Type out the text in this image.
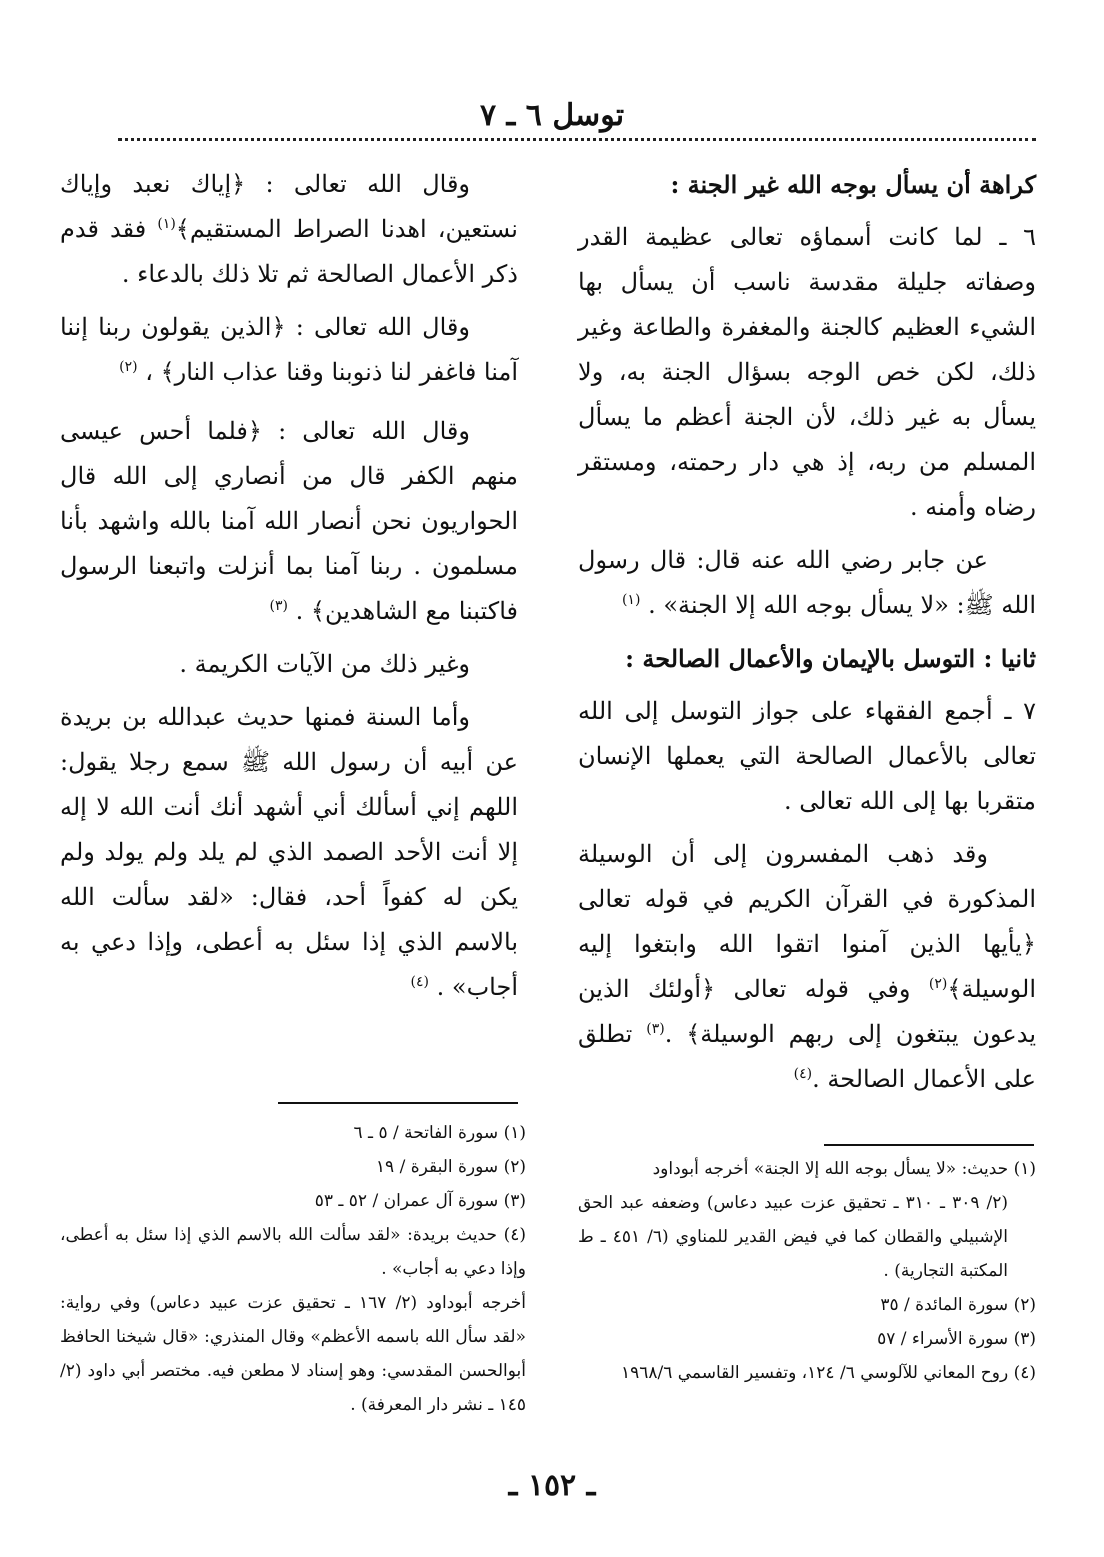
توسل ٦ ـ ٧

كراهة أن يسأل بوجه الله غير الجنة :

٦ ـ لما كانت أسماؤه تعالى عظيمة القدر وصفاته جليلة مقدسة ناسب أن يسأل بها الشيء العظيم كالجنة والمغفرة والطاعة وغير ذلك، لكن خص الوجه بسؤال الجنة به، ولا يسأل به غير ذلك، لأن الجنة أعظم ما يسأل المسلم من ربه، إذ هي دار رحمته، ومستقر رضاه وأمنه .

عن جابر رضي الله عنه قال: قال رسول الله ﷺ: «لا يسأل بوجه الله إلا الجنة» . $^{(١)}$

ثانيا : التوسل بالإيمان والأعمال الصالحة :

٧ ـ أجمع الفقهاء على جواز التوسل إلى الله تعالى بالأعمال الصالحة التي يعملها الإنسان متقربا بها إلى الله تعالى .

وقد ذهب المفسرون إلى أن الوسيلة المذكورة في القرآن الكريم في قوله تعالى ﴿يأيها الذين آمنوا اتقوا الله وابتغوا إليه الوسيلة﴾$^{(٢)}$ وفي قوله تعالى ﴿أولئك الذين يدعون يبتغون إلى ربهم الوسيلة﴾ .$^{(٣)}$ تطلق على الأعمال الصالحة .$^{(٤)}$

وقال الله تعالى : ﴿إياك نعبد وإياك نستعين، اهدنا الصراط المستقيم﴾$^{(١)}$ فقد قدم ذكر الأعمال الصالحة ثم تلا ذلك بالدعاء .

وقال الله تعالى : ﴿الذين يقولون ربنا إننا آمنا فاغفر لنا ذنوبنا وقنا عذاب النار﴾ ، $^{(٢)}$

وقال الله تعالى : ﴿فلما أحس عيسى منهم الكفر قال من أنصاري إلى الله قال الحواريون نحن أنصار الله آمنا بالله واشهد بأنا مسلمون . ربنا آمنا بما أنزلت واتبعنا الرسول فاكتبنا مع الشاهدين﴾ . $^{(٣)}$

وغير ذلك من الآيات الكريمة .

وأما السنة فمنها حديث عبدالله بن بريدة عن أبيه أن رسول الله ﷺ سمع رجلا يقول: اللهم إني أسألك أني أشهد أنك أنت الله لا إله إلا أنت الأحد الصمد الذي لم يلد ولم يولد ولم يكن له كفواً أحد، فقال: «لقد سألت الله بالاسم الذي إذا سئل به أعطى، وإذا دعي به أجاب» . $^{(٤)}$

(١) حديث: «لا يسأل بوجه الله إلا الجنة» أخرجه أبوداود

(٢/ ٣٠٩ ـ ٣١٠ ـ تحقيق عزت عبيد دعاس) وضعفه عبد الحق الإشبيلي والقطان كما في فيض القدير للمناوي (٦/ ٤٥١ ـ ط المكتبة التجارية) .

(٢) سورة المائدة / ٣٥

(٣) سورة الأسراء / ٥٧

(٤) روح المعاني للآلوسي ٦/ ١٢٤، وتفسير القاسمي ١٩٦٨/٦

(١) سورة الفاتحة / ٥ ـ ٦

(٢) سورة البقرة / ١٩

(٣) سورة آل عمران / ٥٢ ـ ٥٣

(٤) حديث بريدة: «لقد سألت الله بالاسم الذي إذا سئل به أعطى، وإذا دعي به أجاب» .

أخرجه أبوداود (٢/ ١٦٧ ـ تحقيق عزت عبيد دعاس) وفي رواية: «لقد سأل الله باسمه الأعظم» وقال المنذري: «قال شيخنا الحافظ أبوالحسن المقدسي: وهو إسناد لا مطعن فيه. مختصر أبي داود (٢/ ١٤٥ ـ نشر دار المعرفة) .

ـ ١٥٢ ـ
